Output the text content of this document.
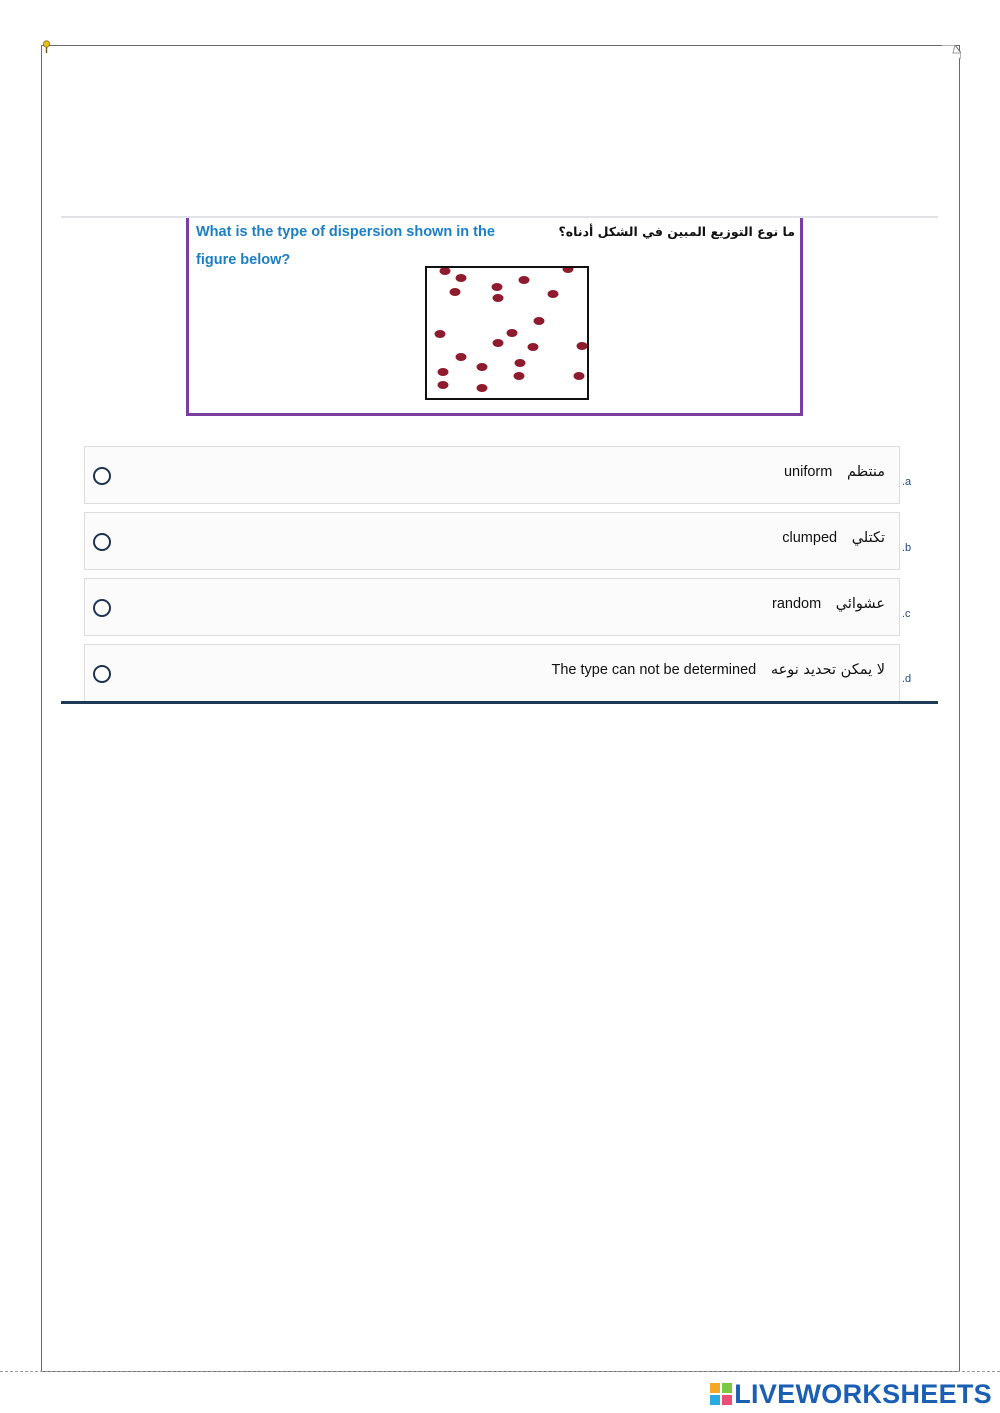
What is the type of dispersion shown in the figure below?
ما نوع التوزيع المبين في الشكل أدناه؟
uniform منتظم
.a
clumped تكتلي
.b
random عشوائي
.c
The type can not be determined لا يمكن تحديد نوعه
.d
LIVEWORKSHEETS
